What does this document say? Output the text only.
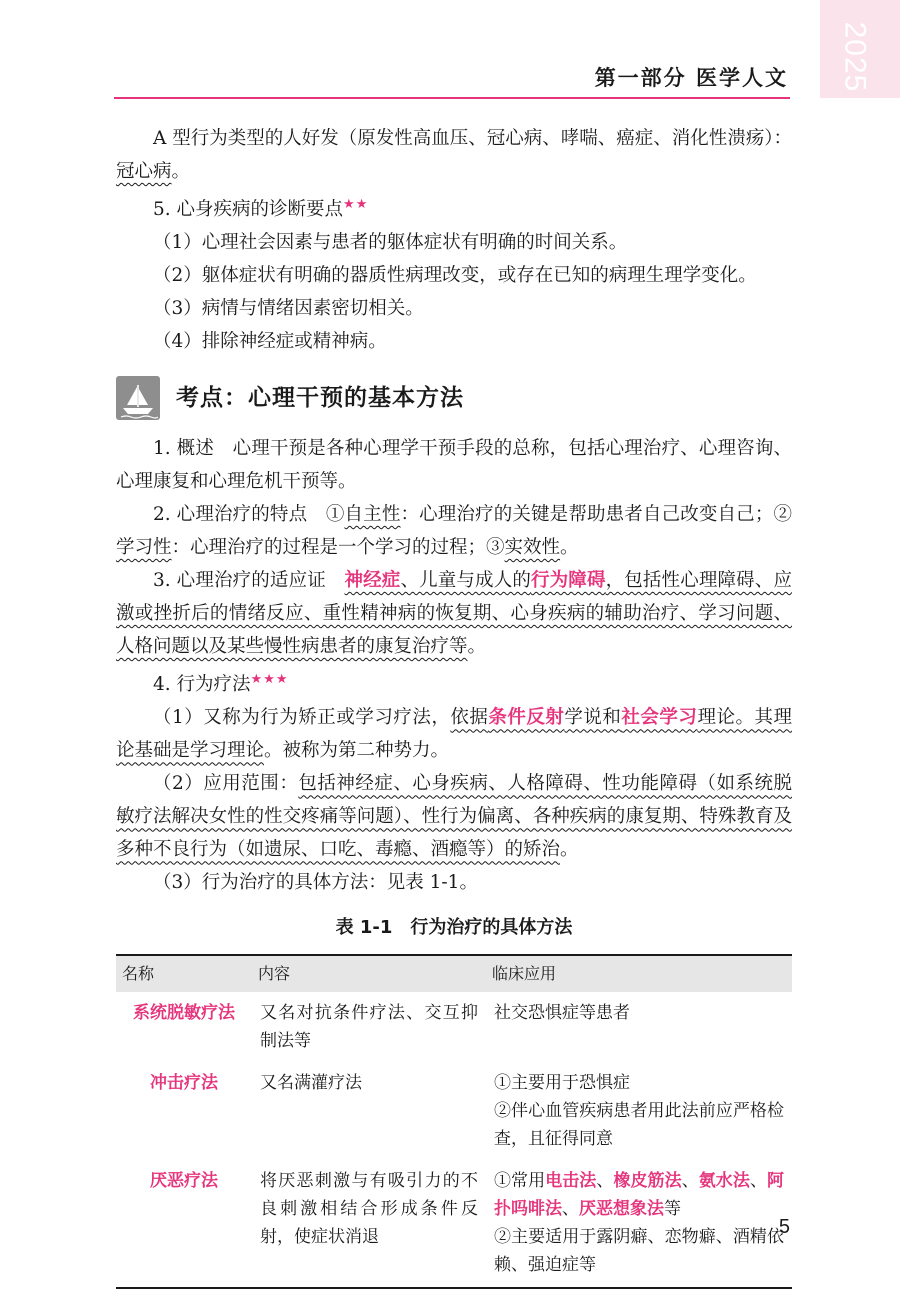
2025
第一部分 医学人文

A 型行为类型的人好发（原发性高血压、冠心病、哮喘、癌症、消化性溃疡）：冠心病。

5. 心身疾病的诊断要点★★

（1）心理社会因素与患者的躯体症状有明确的时间关系。

（2）躯体症状有明确的器质性病理改变，或存在已知的病理生理学变化。

（3）病情与情绪因素密切相关。

（4）排除神经症或精神病。

考点：心理干预的基本方法

1. 概述　心理干预是各种心理学干预手段的总称，包括心理治疗、心理咨询、心理康复和心理危机干预等。

2. 心理治疗的特点　①自主性：心理治疗的关键是帮助患者自己改变自己；②学习性：心理治疗的过程是一个学习的过程；③实效性。

3. 心理治疗的适应证　神经症、儿童与成人的行为障碍，包括性心理障碍、应激或挫折后的情绪反应、重性精神病的恢复期、心身疾病的辅助治疗、学习问题、人格问题以及某些慢性病患者的康复治疗等。

4. 行为疗法★★★

（1）又称为行为矫正或学习疗法，依据条件反射学说和社会学习理论。其理论基础是学习理论。被称为第二种势力。

（2）应用范围：包括神经症、心身疾病、人格障碍、性功能障碍（如系统脱敏疗法解决女性的性交疼痛等问题）、性行为偏离、各种疾病的康复期、特殊教育及多种不良行为（如遗尿、口吃、毒瘾、酒瘾等）的矫治。

（3）行为治疗的具体方法：见表 1-1。

表 1-1　行为治疗的具体方法
名称	内容	临床应用
系统脱敏疗法	又名对抗条件疗法、交互抑制法等	社交恐惧症等患者

冲击疗法	又名满灌疗法	①主要用于恐惧症
②伴心血管疾病患者用此法前应严格检查，且征得同意

厌恶疗法	将厌恶刺激与有吸引力的不良刺激相结合形成条件反射，使症状消退	①常用电击法、橡皮筋法、氨水法、阿扑吗啡法、厌恶想象法等
②主要适用于露阴癖、恋物癖、酒精依赖、强迫症等
5
